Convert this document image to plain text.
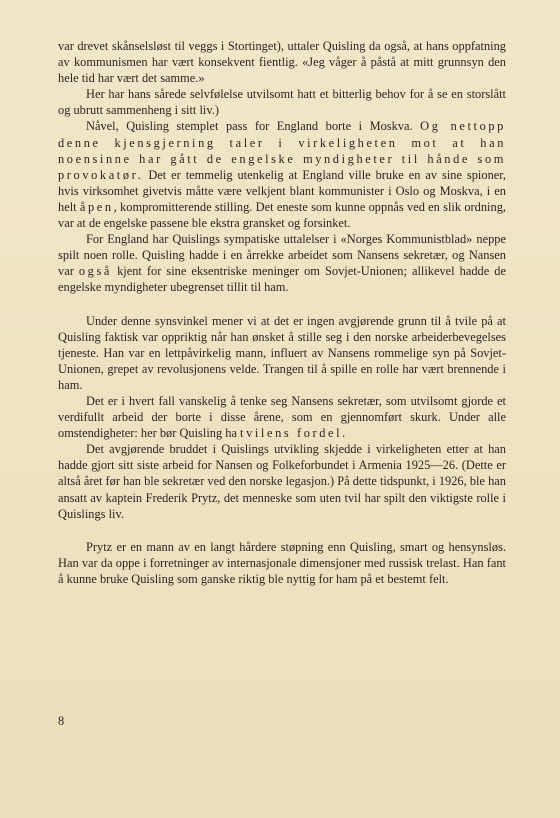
var drevet skånselsløst til veggs i Stortinget), uttaler Quisling da også, at hans oppfatning av kommunismen har vært konsekvent fientlig. «Jeg våger å påstå at mitt grunnsyn den hele tid har vært det samme.»

Her har hans sårede selvfølelse utvilsomt hatt et bitterlig behov for å se en storslått og ubrutt sammenheng i sitt liv.)

Nåvel, Quisling stemplet pass for England borte i Moskva. Og nettopp denne kjensgjerning taler i virkeligheten mot at han noensinne har gått de engelske myndigheter til hånde som provokatør. Det er temmelig utenkelig at England ville bruke en av sine spioner, hvis virksomhet givetvis måtte være velkjent blant kommunister i Oslo og Moskva, i en helt åpen, kompromitterende stilling. Det eneste som kunne oppnås ved en slik ordning, var at de engelske passene ble ekstra gransket og forsinket.

For England har Quislings sympatiske uttalelser i «Norges Kommunistblad» neppe spilt noen rolle. Quisling hadde i en årrekke arbeidet som Nansens sekretær, og Nansen var også kjent for sine eksentriske meninger om Sovjet-Unionen; allikevel hadde de engelske myndigheter ubegrenset tillit til ham.

Under denne synsvinkel mener vi at det er ingen avgjørende grunn til å tvile på at Quisling faktisk var oppriktig når han ønsket å stille seg i den norske arbeiderbevegelses tjeneste. Han var en lettpåvirkelig mann, influert av Nansens rommelige syn på Sovjet-Unionen, grepet av revolusjonens velde. Trangen til å spille en rolle har vært brennende i ham.

Det er i hvert fall vanskelig å tenke seg Nansens sekretær, som utvilsomt gjorde et verdifullt arbeid der borte i disse årene, som en gjennomført skurk. Under alle omstendigheter: her bør Quisling ha tvilens fordel.

Det avgjørende bruddet i Quislings utvikling skjedde i virkeligheten etter at han hadde gjort sitt siste arbeid for Nansen og Folkeforbundet i Armenia 1925—26. (Dette er altså året før han ble sekretær ved den norske legasjon.) På dette tidspunkt, i 1926, ble han ansatt av kaptein Frederik Prytz, det menneske som uten tvil har spilt den viktigste rolle i Quislings liv.

Prytz er en mann av en langt hårdere støpning enn Quisling, smart og hensynsløs. Han var da oppe i forretninger av internasjonale dimensjoner med russisk trelast. Han fant å kunne bruke Quisling som ganske riktig ble nyttig for ham på et bestemt felt.

8
